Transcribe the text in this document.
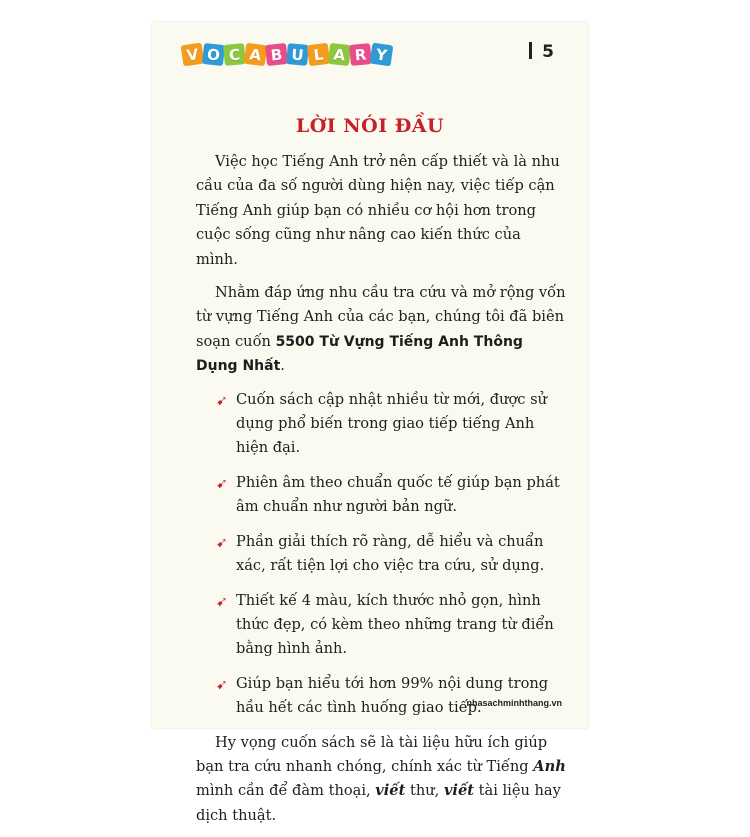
V O C A B U L A R Y	5
LỜI NÓI ĐẦU

Việc học Tiếng Anh trở nên cấp thiết và là nhu cầu của đa số người dùng hiện nay, việc tiếp cận Tiếng Anh giúp bạn có nhiều cơ hội hơn trong cuộc sống cũng như nâng cao kiến thức của mình.

Nhằm đáp ứng nhu cầu tra cứu và mở rộng vốn từ vựng Tiếng Anh của các bạn, chúng tôi đã biên soạn cuốn 5500 Từ Vựng Tiếng Anh Thông Dụng Nhất.

➹ Cuốn sách cập nhật nhiều từ mới, được sử dụng phổ biến trong giao tiếp tiếng Anh hiện đại.
➹ Phiên âm theo chuẩn quốc tế giúp bạn phát âm chuẩn như người bản ngữ.
➹ Phần giải thích rõ ràng, dễ hiểu và chuẩn xác, rất tiện lợi cho việc tra cứu, sử dụng.
➹ Thiết kế 4 màu, kích thước nhỏ gọn, hình thức đẹp, có kèm theo những trang từ điển bằng hình ảnh.
➹ Giúp bạn hiểu tới hơn 99% nội dung trong hầu hết các tình huống giao tiếp.

Hy vọng cuốn sách sẽ là tài liệu hữu ích giúp bạn tra cứu nhanh chóng, chính xác từ Tiếng Anh mình cần để đàm thoại, viết thư, viết tài liệu hay dịch thuật.

nhasachminhthang.vn
